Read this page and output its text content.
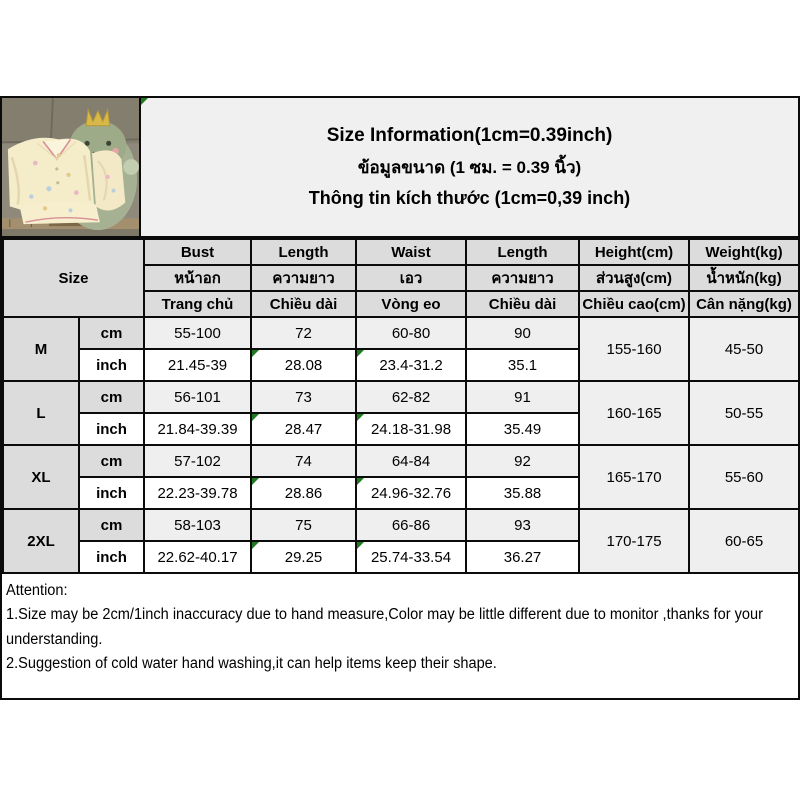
Size Information(1cm=0.39inch)
ข้อมูลขนาด (1 ซม. = 0.39 นิ้ว)
Thông tin kích thước (1cm=0,39 inch)
Size		Bust	Length	Waist	Length	Height(cm)	Weight(kg)
		หน้าอก	ความยาว	เอว	ความยาว	ส่วนสูง(cm)	น้ำหนัก(kg)
		Trang chủ	Chiều dài	Vòng eo	Chiều dài	Chiều cao(cm)	Cân nặng(kg)
M	cm	55-100	72	60-80	90	155-160	45-50
	inch	21.45-39	28.08	23.4-31.2	35.1		
L	cm	56-101	73	62-82	91	160-165	50-55
	inch	21.84-39.39	28.47	24.18-31.98	35.49		
XL	cm	57-102	74	64-84	92	165-170	55-60
	inch	22.23-39.78	28.86	24.96-32.76	35.88		
2XL	cm	58-103	75	66-86	93	170-175	60-65
	inch	22.62-40.17	29.25	25.74-33.54	36.27		

Attention:

1.Size may be 2cm/1inch inaccuracy due to hand measure,Color may be little different due to monitor ,thanks for your understanding.

2.Suggestion of cold water hand washing,it can help items keep their shape.
